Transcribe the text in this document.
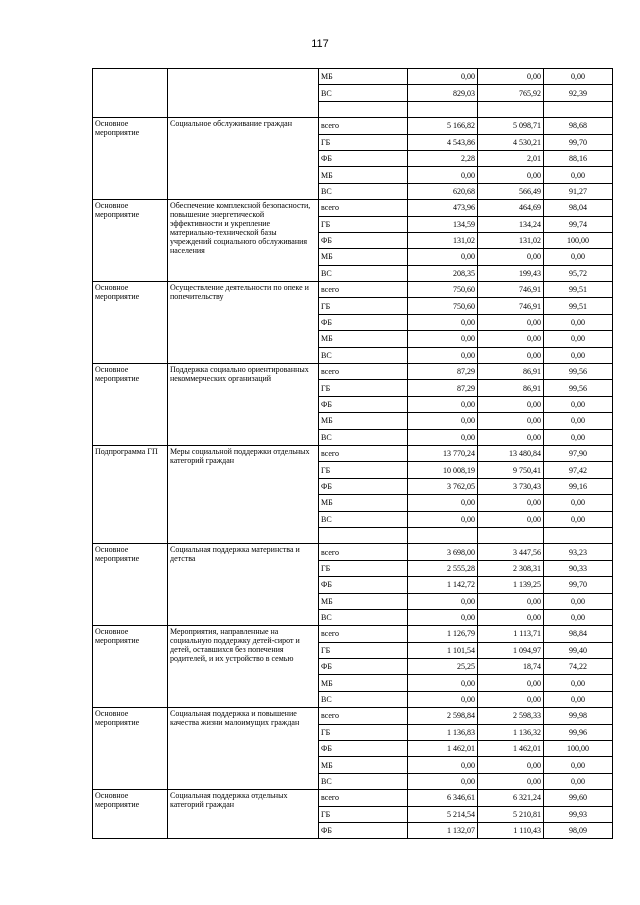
117
		МБ	0,00	0,00	0,00
		ВС	829,03	765,92	92,39

Основное мероприятие	Социальное обслуживание граждан	всего	5 166,82	5 098,71	98,68
		ГБ	4 543,86	4 530,21	99,70
		ФБ	2,28	2,01	88,16
		МБ	0,00	0,00	0,00
		ВС	620,68	566,49	91,27
Основное мероприятие	Обеспечение комплексной безопасности, повышение энергетической эффективности и укрепление материально-технической базы учреждений социального обслуживания населения	всего	473,96	464,69	98,04
		ГБ	134,59	134,24	99,74
		ФБ	131,02	131,02	100,00
		МБ	0,00	0,00	0,00
		ВС	208,35	199,43	95,72
Основное мероприятие	Осуществление деятельности по опеке и попечительству	всего	750,60	746,91	99,51
		ГБ	750,60	746,91	99,51
		ФБ	0,00	0,00	0,00
		МБ	0,00	0,00	0,00
		ВС	0,00	0,00	0,00
Основное мероприятие	Поддержка социально ориентированных некоммерческих организаций	всего	87,29	86,91	99,56
		ГБ	87,29	86,91	99,56
		ФБ	0,00	0,00	0,00
		МБ	0,00	0,00	0,00
		ВС	0,00	0,00	0,00
Подпрограмма ГП	Меры социальной поддержки отдельных категорий граждан	всего	13 770,24	13 480,84	97,90
		ГБ	10 008,19	9 750,41	97,42
		ФБ	3 762,05	3 730,43	99,16
		МБ	0,00	0,00	0,00
		ВС	0,00	0,00	0,00

Основное мероприятие	Социальная поддержка материнства и детства	всего	3 698,00	3 447,56	93,23
		ГБ	2 555,28	2 308,31	90,33
		ФБ	1 142,72	1 139,25	99,70
		МБ	0,00	0,00	0,00
		ВС	0,00	0,00	0,00
Основное мероприятие	Мероприятия, направленные на социальную поддержку детей-сирот и детей, оставшихся без попечения родителей, и их устройство в семью	всего	1 126,79	1 113,71	98,84
		ГБ	1 101,54	1 094,97	99,40
		ФБ	25,25	18,74	74,22
		МБ	0,00	0,00	0,00
		ВС	0,00	0,00	0,00
Основное мероприятие	Социальная поддержка и повышение качества жизни малоимущих граждан	всего	2 598,84	2 598,33	99,98
		ГБ	1 136,83	1 136,32	99,96
		ФБ	1 462,01	1 462,01	100,00
		МБ	0,00	0,00	0,00
		ВС	0,00	0,00	0,00
Основное мероприятие	Социальная поддержка отдельных категорий граждан	всего	6 346,61	6 321,24	99,60
		ГБ	5 214,54	5 210,81	99,93
		ФБ	1 132,07	1 110,43	98,09
